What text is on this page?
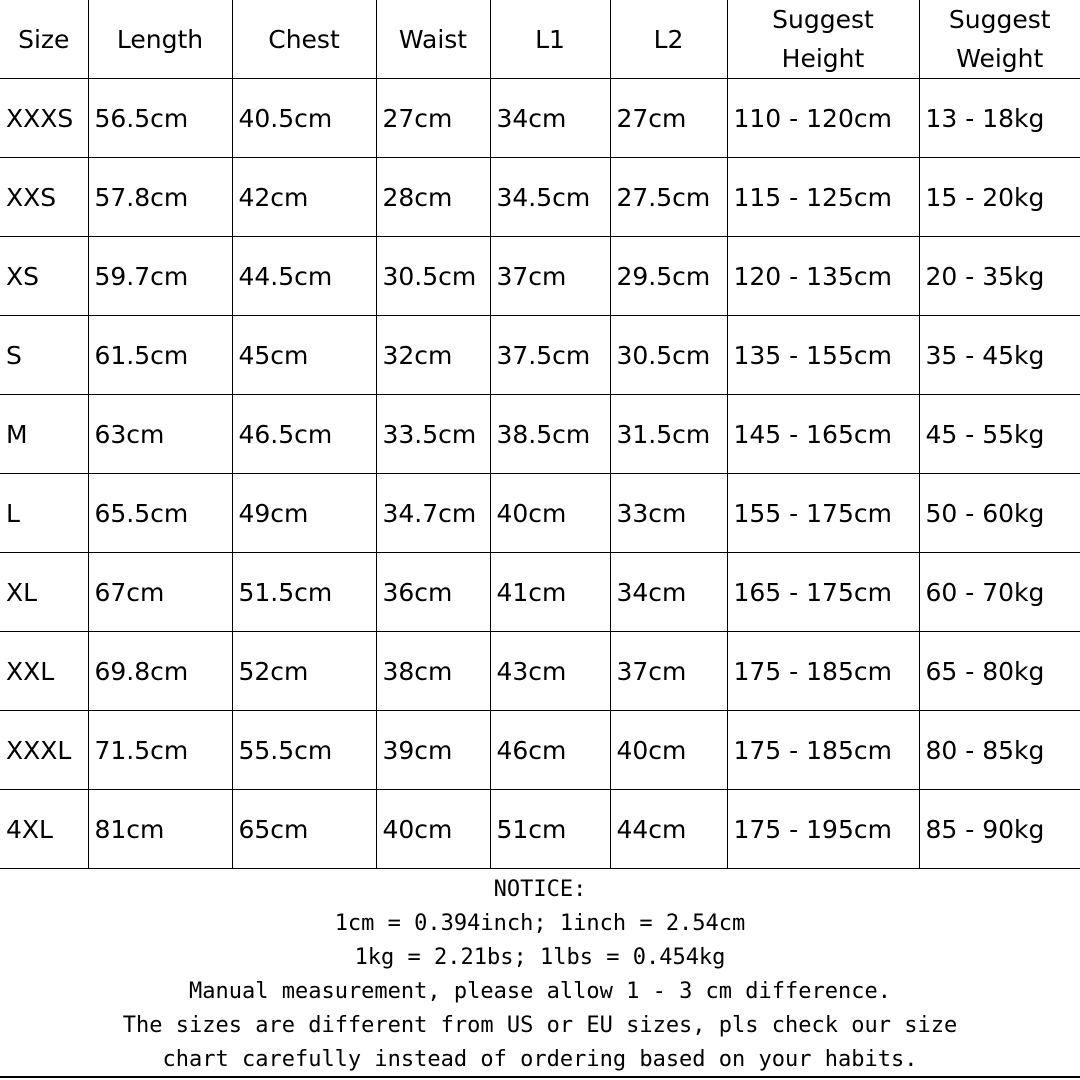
Size	Length	Chest	Waist	L1	L2	Suggest Height	Suggest Weight
XXXS	56.5cm	40.5cm	27cm	34cm	27cm	110 - 120cm	13 - 18kg
XXS	57.8cm	42cm	28cm	34.5cm	27.5cm	115 - 125cm	15 - 20kg
XS	59.7cm	44.5cm	30.5cm	37cm	29.5cm	120 - 135cm	20 - 35kg
S	61.5cm	45cm	32cm	37.5cm	30.5cm	135 - 155cm	35 - 45kg
M	63cm	46.5cm	33.5cm	38.5cm	31.5cm	145 - 165cm	45 - 55kg
L	65.5cm	49cm	34.7cm	40cm	33cm	155 - 175cm	50 - 60kg
XL	67cm	51.5cm	36cm	41cm	34cm	165 - 175cm	60 - 70kg
XXL	69.8cm	52cm	38cm	43cm	37cm	175 - 185cm	65 - 80kg
XXXL	71.5cm	55.5cm	39cm	46cm	40cm	175 - 185cm	80 - 85kg
4XL	81cm	65cm	40cm	51cm	44cm	175 - 195cm	85 - 90kg
NOTICE:
1cm = 0.394inch; 1inch = 2.54cm
1kg = 2.21bs; 1lbs = 0.454kg
Manual measurement, please allow 1 - 3 cm difference.
The sizes are different from US or EU sizes, pls check our size
chart carefully instead of ordering based on your habits.
